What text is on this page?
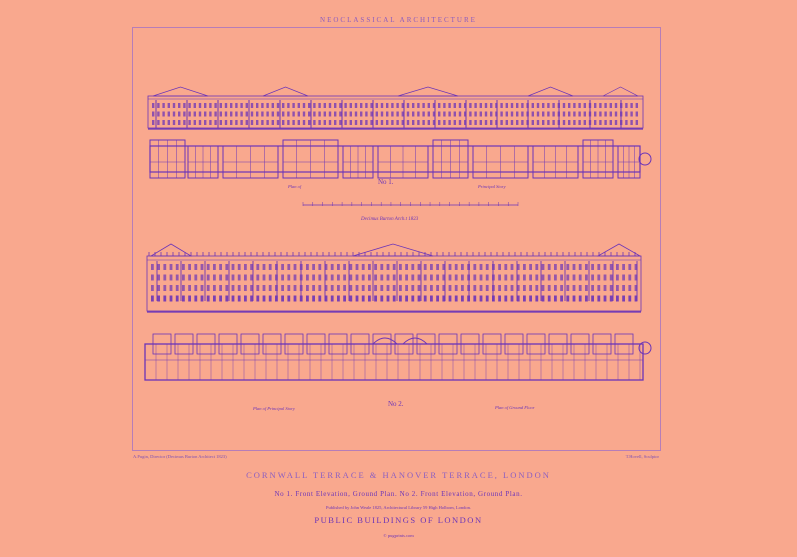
NEOCLASSICAL ARCHITECTURE
Plan of
No 1.
Principal Story
Decimus Burton Arch.t 1823
Plan of Principal Story
No 2.	Plan of Ground Floor
A.Pugin, Director (Decimus Burton Architect 1823)	T.Hovell, Sculptor
CORNWALL TERRACE & HANOVER TERRACE, LONDON
No 1. Front Elevation, Ground Plan. No 2. Front Elevation, Ground Plan.
Published by John Weale 1825, Architectural Library 59 High Holborn, London.
PUBLIC BUILDINGS OF LONDON
© pugprints.com
